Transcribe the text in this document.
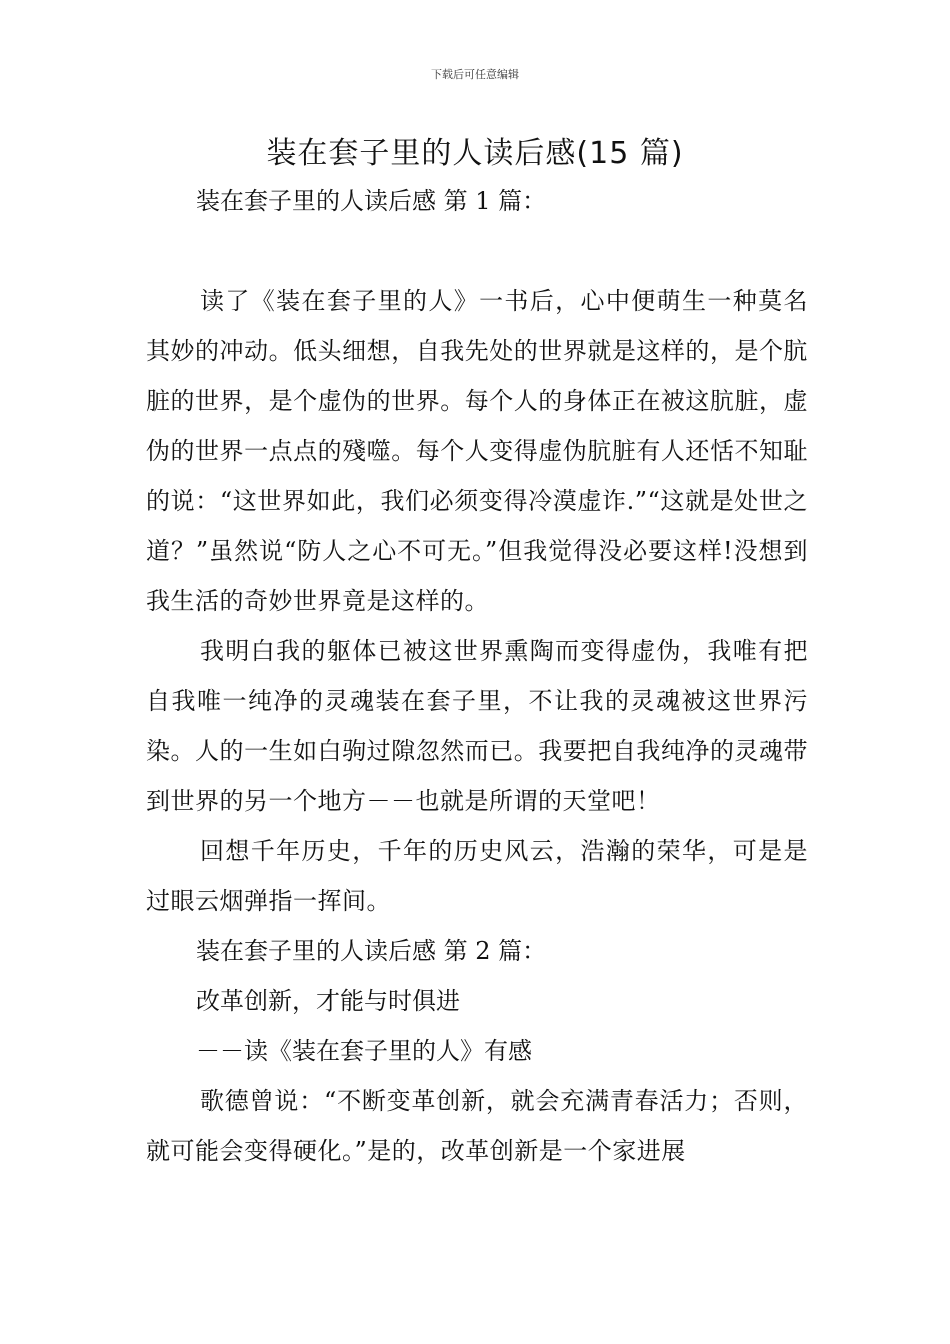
下载后可任意编辑
装在套子里的人读后感(15 篇)

装在套子里的人读后感 第 1 篇：

读了《装在套子里的人》一书后，心中便萌生一种莫名其妙的冲动。低头细想，自我先处的世界就是这样的，是个肮脏的世界，是个虚伪的世界。每个人的身体正在被这肮脏，虚伪的世界一点点的殘噬。每个人变得虚伪肮脏有人还恬不知耻的说：“这世界如此，我们必须变得冷漠虚诈.”“这就是处世之道？”虽然说“防人之心不可无。”但我觉得没必要这样!没想到我生活的奇妙世界竟是这样的。

我明白我的躯体已被这世界熏陶而变得虚伪，我唯有把自我唯一纯净的灵魂装在套子里，不让我的灵魂被这世界污染。人的一生如白驹过隙忽然而已。我要把自我纯净的灵魂带到世界的另一个地方－－也就是所谓的天堂吧！

回想千年历史，千年的历史风云，浩瀚的荣华，可是是过眼云烟弹指一挥间。

装在套子里的人读后感 第 2 篇：

改革创新，才能与时俱进

－－读《装在套子里的人》有感

歌德曾说：“不断变革创新，就会充满青春活力；否则，就可能会变得硬化。”是的，改革创新是一个家进展
